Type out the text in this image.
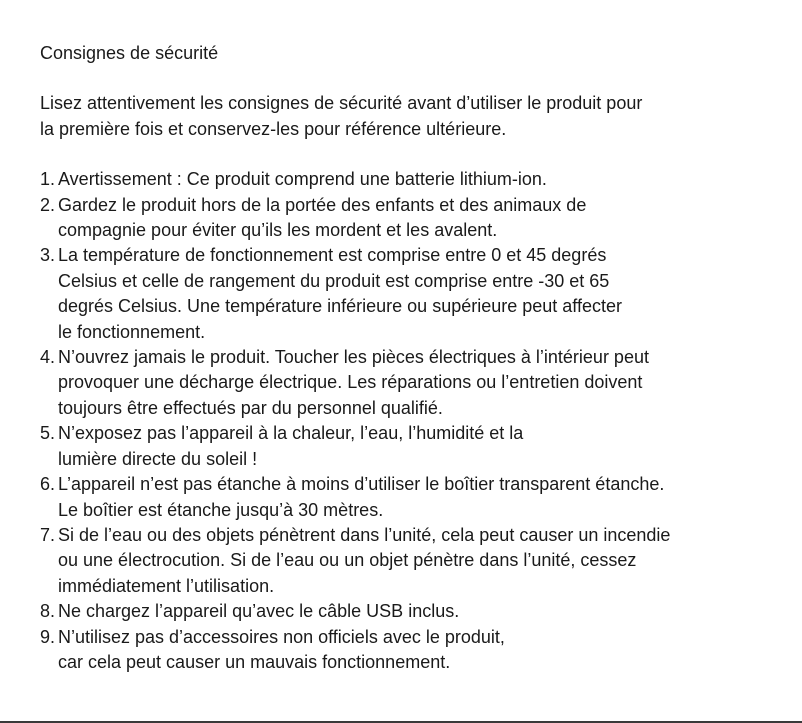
Consignes de sécurité

Lisez attentivement les consignes de sécurité avant d’utiliser le produit pour
la première fois et conservez-les pour référence ultérieure.

1. Avertissement : Ce produit comprend une batterie lithium-ion.
2. Gardez le produit hors de la portée des enfants et des animaux de
compagnie pour éviter qu’ils les mordent et les avalent.
3. La température de fonctionnement est comprise entre 0 et 45 degrés
Celsius et celle de rangement du produit est comprise entre -30 et 65
degrés Celsius. Une température inférieure ou supérieure peut affecter
le fonctionnement.
4. N’ouvrez jamais le produit. Toucher les pièces électriques à l’intérieur peut
provoquer une décharge électrique. Les réparations ou l’entretien doivent
toujours être effectués par du personnel qualifié.
5. N’exposez pas l’appareil à la chaleur, l’eau, l’humidité et la
lumière directe du soleil !
6. L’appareil n’est pas étanche à moins d’utiliser le boîtier transparent étanche.
Le boîtier est étanche jusqu’à 30 mètres.
7. Si de l’eau ou des objets pénètrent dans l’unité, cela peut causer un incendie
ou une électrocution. Si de l’eau ou un objet pénètre dans l’unité, cessez
immédiatement l’utilisation.
8. Ne chargez l’appareil qu’avec le câble USB inclus.
9. N’utilisez pas d’accessoires non officiels avec le produit,
car cela peut causer un mauvais fonctionnement.
